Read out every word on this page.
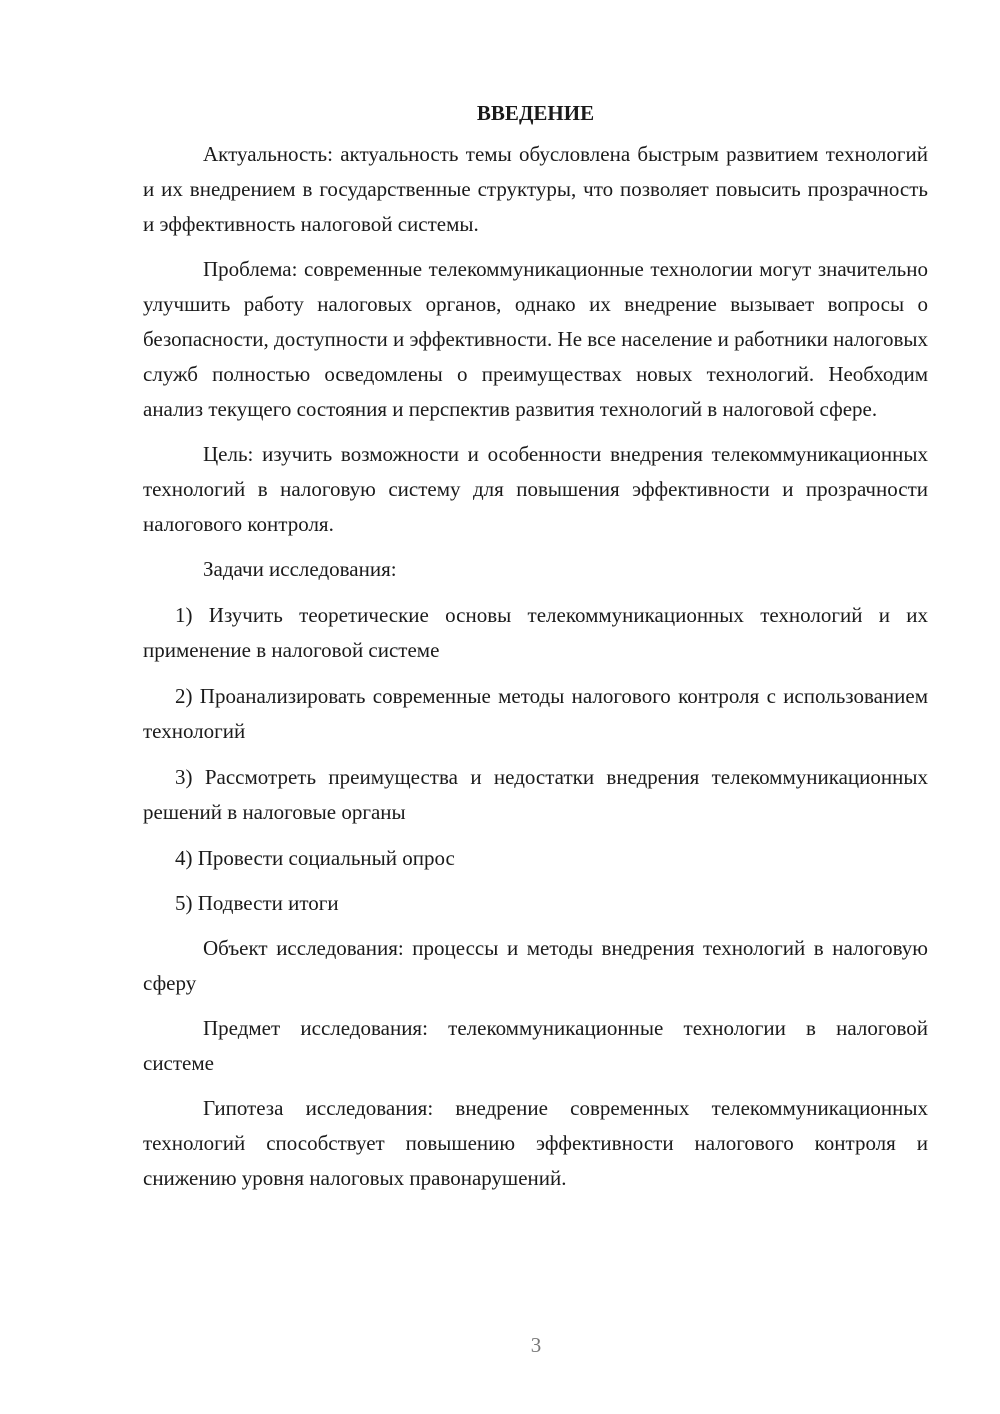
ВВЕДЕНИЕ

Актуальность: актуальность темы обусловлена быстрым развитием технологий и их внедрением в государственные структуры, что позволяет повысить прозрачность и эффективность налоговой системы.

Проблема: современные телекоммуникационные технологии могут значительно улучшить работу налоговых органов, однако их внедрение вызывает вопросы о безопасности, доступности и эффективности. Не все население и работники налоговых служб полностью осведомлены о преимуществах новых технологий. Необходим анализ текущего состояния и перспектив развития технологий в налоговой сфере.

Цель: изучить возможности и особенности внедрения телекоммуникационных технологий в налоговую систему для повышения эффективности и прозрачности налогового контроля.

Задачи исследования:

1) Изучить теоретические основы телекоммуникационных технологий и их применение в налоговой системе

2) Проанализировать современные методы налогового контроля с использованием технологий

3) Рассмотреть преимущества и недостатки внедрения телекоммуникационных решений в налоговые органы

4) Провести социальный опрос

5) Подвести итоги

Объект исследования: процессы и методы внедрения технологий в налоговую сферу

Предмет исследования: телекоммуникационные технологии в налоговой системе

Гипотеза исследования: внедрение современных телекоммуникационных технологий способствует повышению эффективности налогового контроля и снижению уровня налоговых правонарушений.

3
